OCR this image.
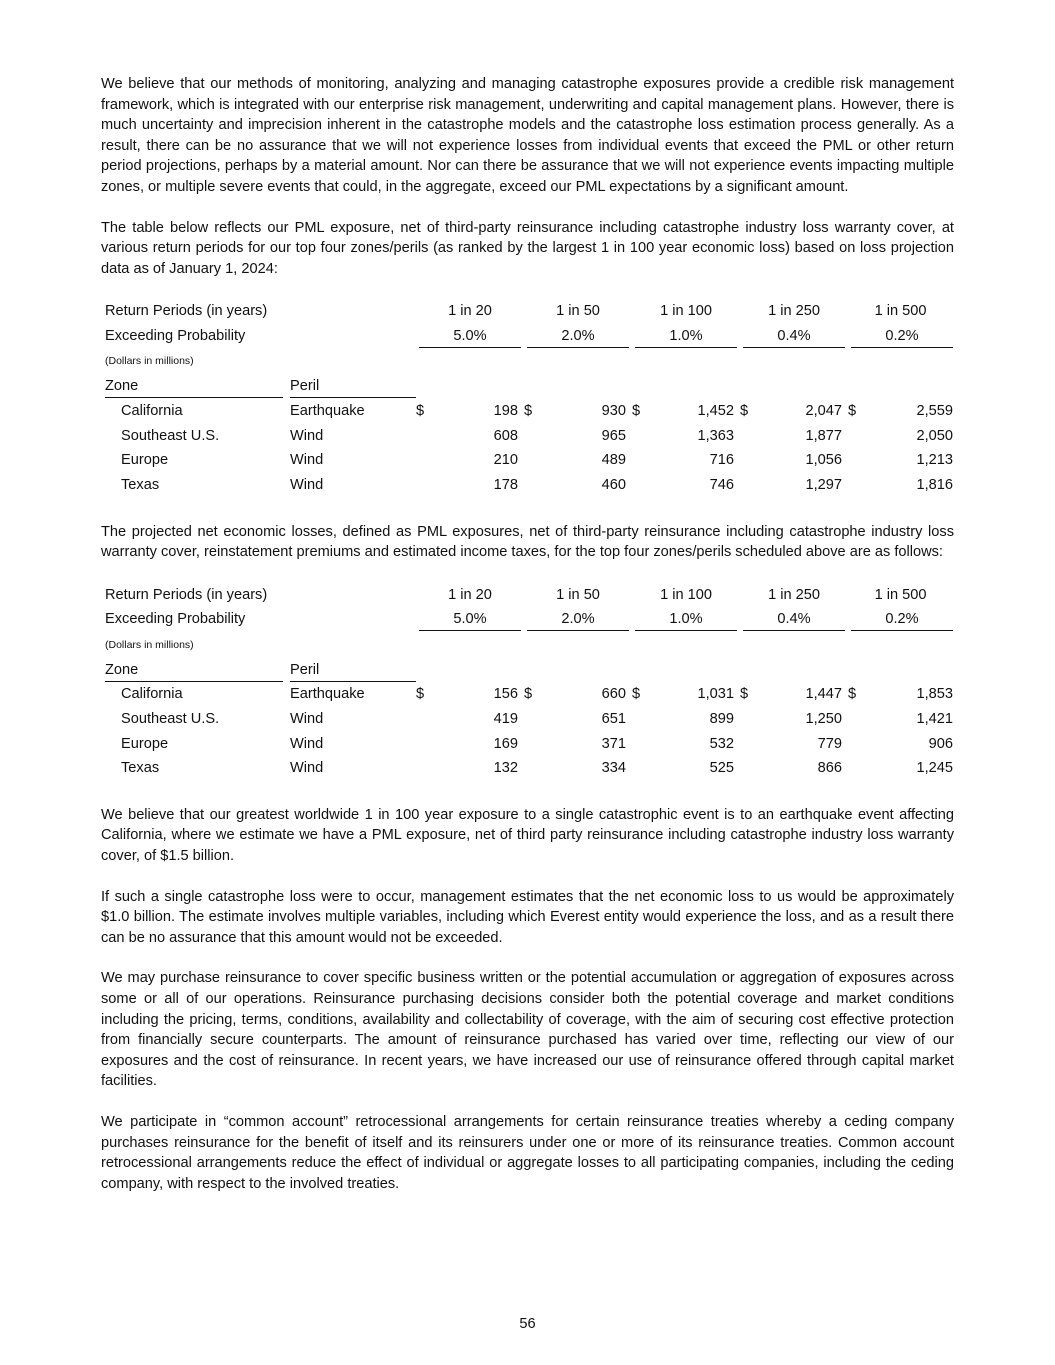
We believe that our methods of monitoring, analyzing and managing catastrophe exposures provide a credible risk management framework, which is integrated with our enterprise risk management, underwriting and capital management plans. However, there is much uncertainty and imprecision inherent in the catastrophe models and the catastrophe loss estimation process generally. As a result, there can be no assurance that we will not experience losses from individual events that exceed the PML or other return period projections, perhaps by a material amount. Nor can there be assurance that we will not experience events impacting multiple zones, or multiple severe events that could, in the aggregate, exceed our PML expectations by a significant amount.

The table below reflects our PML exposure, net of third-party reinsurance including catastrophe industry loss warranty cover, at various return periods for our top four zones/perils (as ranked by the largest 1 in 100 year economic loss) based on loss projection data as of January 1, 2024:

Return Periods (in years)		1 in 20		1 in 50		1 in 100		1 in 250		1 in 500	
Exceeding Probability		5.0%		2.0%		1.0%		0.4%		0.2%	

(Dollars in millions)											
Zone	Peril										
California	Earthquake	$	198	$	930	$	1,452	$	2,047	$	2,559
Southeast U.S.	Wind		608		965		1,363		1,877		2,050
Europe	Wind		210		489		716		1,056		1,213
Texas	Wind		178		460		746		1,297		1,816

The projected net economic losses, defined as PML exposures, net of third-party reinsurance including catastrophe industry loss warranty cover, reinstatement premiums and estimated income taxes, for the top four zones/perils scheduled above are as follows:

Return Periods (in years)		1 in 20		1 in 50		1 in 100		1 in 250		1 in 500	
Exceeding Probability		5.0%		2.0%		1.0%		0.4%		0.2%	

(Dollars in millions)											
Zone	Peril										
California	Earthquake	$	156	$	660	$	1,031	$	1,447	$	1,853
Southeast U.S.	Wind		419		651		899		1,250		1,421
Europe	Wind		169		371		532		779		906
Texas	Wind		132		334		525		866		1,245

We believe that our greatest worldwide 1 in 100 year exposure to a single catastrophic event is to an earthquake event affecting California, where we estimate we have a PML exposure, net of third party reinsurance including catastrophe industry loss warranty cover, of $1.5 billion.

If such a single catastrophe loss were to occur, management estimates that the net economic loss to us would be approximately $1.0 billion. The estimate involves multiple variables, including which Everest entity would experience the loss, and as a result there can be no assurance that this amount would not be exceeded.

We may purchase reinsurance to cover specific business written or the potential accumulation or aggregation of exposures across some or all of our operations. Reinsurance purchasing decisions consider both the potential coverage and market conditions including the pricing, terms, conditions, availability and collectability of coverage, with the aim of securing cost effective protection from financially secure counterparts. The amount of reinsurance purchased has varied over time, reflecting our view of our exposures and the cost of reinsurance. In recent years, we have increased our use of reinsurance offered through capital market facilities.

We participate in “common account” retrocessional arrangements for certain reinsurance treaties whereby a ceding company purchases reinsurance for the benefit of itself and its reinsurers under one or more of its reinsurance treaties. Common account retrocessional arrangements reduce the effect of individual or aggregate losses to all participating companies, including the ceding company, with respect to the involved treaties.

56
